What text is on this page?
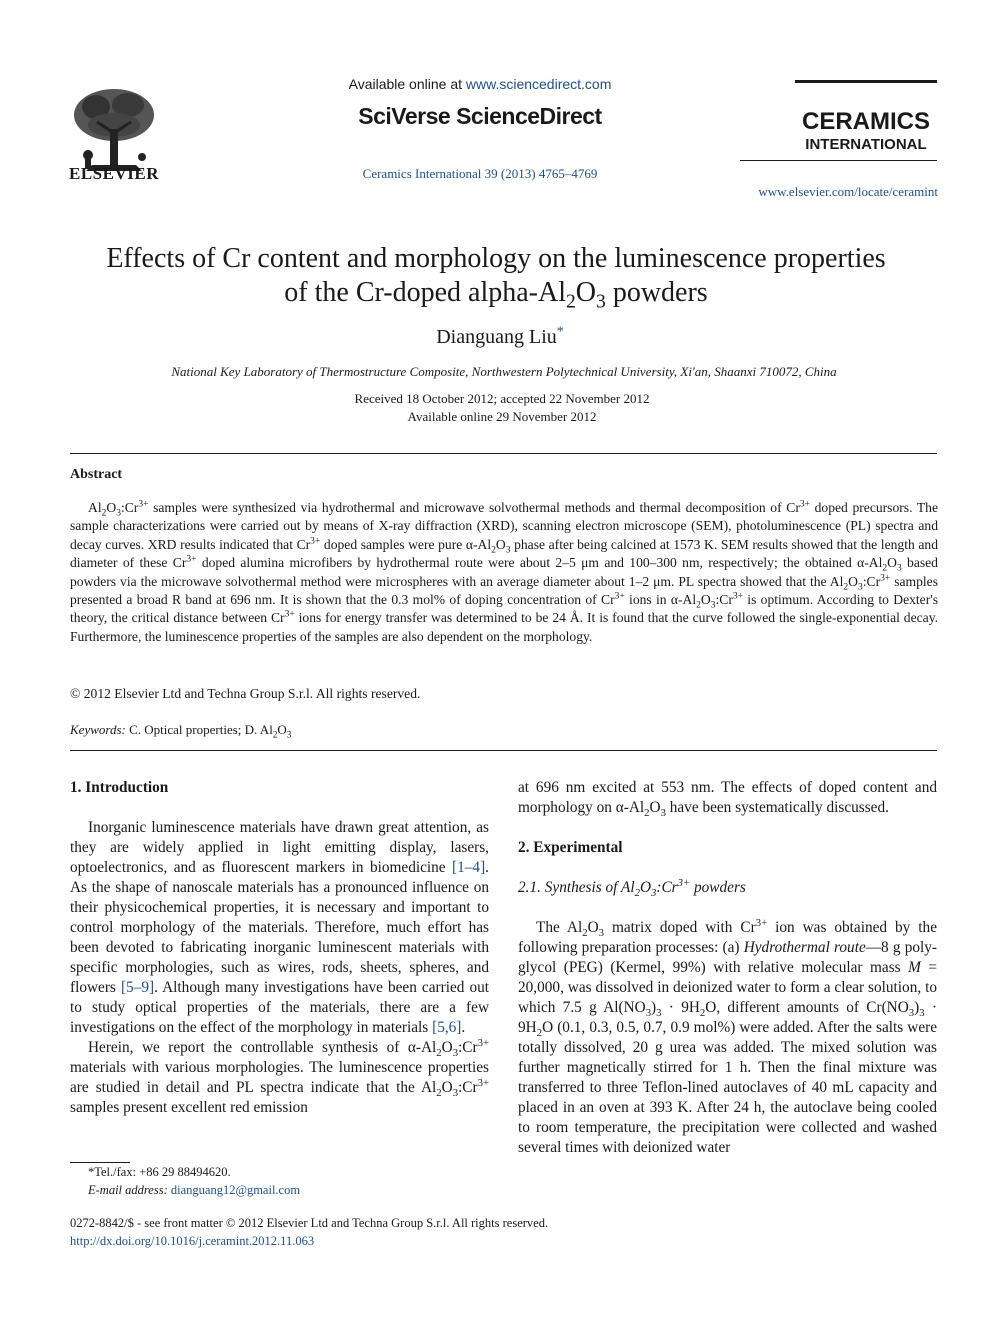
ELSEVIER
Available online at www.sciencedirect.com
SciVerse ScienceDirect
Ceramics International 39 (2013) 4765–4769
CERAMICS
INTERNATIONAL
www.elsevier.com/locate/ceramint
Effects of Cr content and morphology on the luminescence properties
of the Cr-doped alpha-$Al_2O_3$ powders
Dianguang Liu*
National Key Laboratory of Thermostructure Composite, Northwestern Polytechnical University, Xi'an, Shaanxi 710072, China
Received 18 October 2012; accepted 22 November 2012
Available online 29 November 2012
Abstract
$Al_2O_3:Cr^{3+}$ samples were synthesized via hydrothermal and microwave solvothermal methods and thermal decomposition of $Cr^{3+}$ doped precursors. The sample characterizations were carried out by means of X-ray diffraction (XRD), scanning electron microscope (SEM), photoluminescence (PL) spectra and decay curves. XRD results indicated that $Cr^{3+}$ doped samples were pure $\alpha-Al_2O_3$ phase after being calcined at 1573 K. SEM results showed that the length and diameter of these $Cr^{3+}$ doped alumina microfibers by hydrothermal route were about 2–5 μm and 100–300 nm, respectively; the obtained $\alpha-Al_2O_3$ based powders via the microwave solvothermal method were microspheres with an average diameter about 1–2 μm. PL spectra showed that the $Al_2O_3:Cr^{3+}$ samples presented a broad R band at 696 nm. It is shown that the 0.3 mol% of doping concentration of $Cr^{3+}$ ions in $\alpha-Al_2O_3:Cr^{3+}$ is optimum. According to Dexter's theory, the critical distance between $Cr^{3+}$ ions for energy transfer was determined to be 24 Å. It is found that the curve followed the single-exponential decay. Furthermore, the luminescence properties of the samples are also dependent on the morphology.
© 2012 Elsevier Ltd and Techna Group S.r.l. All rights reserved.
Keywords: C. Optical properties; D. $Al_2O_3$
1. Introduction

Inorganic luminescence materials have drawn great attention, as they are widely applied in light emitting display, lasers, optoelectronics, and as fluorescent markers in biomedicine [1–4]. As the shape of nanoscale materials has a pronounced influence on their physicochemical properties, it is necessary and important to control morphology of the materials. Therefore, much effort has been devoted to fabricating inorganic luminescent materials with specific morphologies, such as wires, rods, sheets, spheres, and flowers [5–9]. Although many investigations have been carried out to study optical properties of the materials, there are a few investigations on the effect of the morphology in materials [5,6].

Herein, we report the controllable synthesis of $\alpha-Al_2O_3:Cr^{3+}$ materials with various morphologies. The luminescence properties are studied in detail and PL spectra indicate that the $Al_2O_3:Cr^{3+}$ samples present excellent red emission

*Tel./fax: +86 29 88494620.
E-mail address: dianguang12@gmail.com

at 696 nm excited at 553 nm. The effects of doped content and morphology on $\alpha-Al_2O_3$ have been systematically discussed.

2. Experimental
2.1. Synthesis of $Al_2O_3:Cr^{3+}$ powders

The $Al_2O_3$ matrix doped with $Cr^{3+}$ ion was obtained by the following preparation processes: (a) Hydrothermal route—8 g poly-glycol (PEG) (Kermel, 99%) with relative molecular mass M = 20,000, was dissolved in deionized water to form a clear solution, to which 7.5 g $Al(NO_3)_3 \cdot 9H_2O$, different amounts of $Cr(NO_3)_3 \cdot 9H_2O$ (0.1, 0.3, 0.5, 0.7, 0.9 mol%) were added. After the salts were totally dissolved, 20 g urea was added. The mixed solution was further magnetically stirred for 1 h. Then the final mixture was transferred to three Teflon-lined autoclaves of 40 mL capacity and placed in an oven at 393 K. After 24 h, the autoclave being cooled to room temperature, the precipitation were collected and washed several times with deionized water

0272-8842/$ - see front matter © 2012 Elsevier Ltd and Techna Group S.r.l. All rights reserved.
http://dx.doi.org/10.1016/j.ceramint.2012.11.063
